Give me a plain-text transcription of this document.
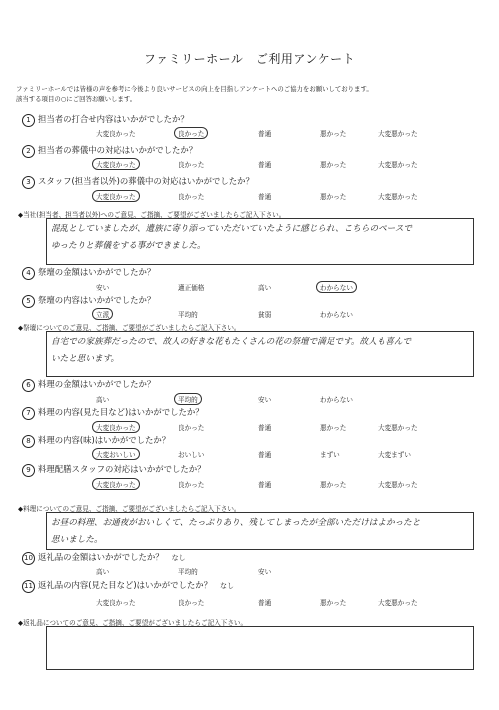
ファミリーホール　ご利用アンケート
ファミリーホールでは皆様の声を参考に今後より良いサービスの向上を目指しアンケートへのご協力をお願いしております。
該当する項目の○にご回答お願いします。
1 担当者の打合せ内容はいかがでしたか？
大変良かった	良かった	普通	悪かった	大変悪かった
2 担当者の葬儀中の対応はいかがでしたか？
大変良かった	良かった	普通	悪かった	大変悪かった
3 スタッフ(担当者以外)の葬儀中の対応はいかがでしたか？
大変良かった	良かった	普通	悪かった	大変悪かった
◆当社(担当者、担当者以外)へのご意見、ご指摘、ご要望がございましたらご記入下さい。
混乱としていましたが、遺族に寄り添っていただいていたように感じられ、こちらのペースで
ゆったりと葬儀をする事ができました。
4 祭壇の金額はいかがでしたか？
安い	適正価格	高い	わからない
5 祭壇の内容はいかがでしたか？
立派	平均的	貧弱	わからない
◆祭壇についてのご意見、ご指摘、ご要望がございましたらご記入下さい。
自宅での家族葬だったので、故人の好きな花もたくさんの花の祭壇で満足です。故人も喜んで
いたと思います。
6 料理の金額はいかがでしたか？
高い	平均的	安い	わからない
7 料理の内容(見た目など)はいかがでしたか？
大変良かった	良かった	普通	悪かった	大変悪かった
8 料理の内容(味)はいかがでしたか？
大変おいしい	おいしい	普通	まずい	大変まずい
9 料理配膳スタッフの対応はいかがでしたか？
大変良かった	良かった	普通	悪かった	大変悪かった
◆料理についてのご意見、ご指摘、ご要望がございましたらご記入下さい。
お昼の料理、お通夜がおいしくて、たっぷりあり、残してしまったが全部いただけはよかったと
思いました。
10 返礼品の金額はいかがでしたか？ なし
高い	平均的	安い
11 返礼品の内容(見た目など)はいかがでしたか？ なし
大変良かった	良かった	普通	悪かった	大変悪かった
◆返礼品についてのご意見、ご指摘、ご要望がございましたらご記入下さい。
